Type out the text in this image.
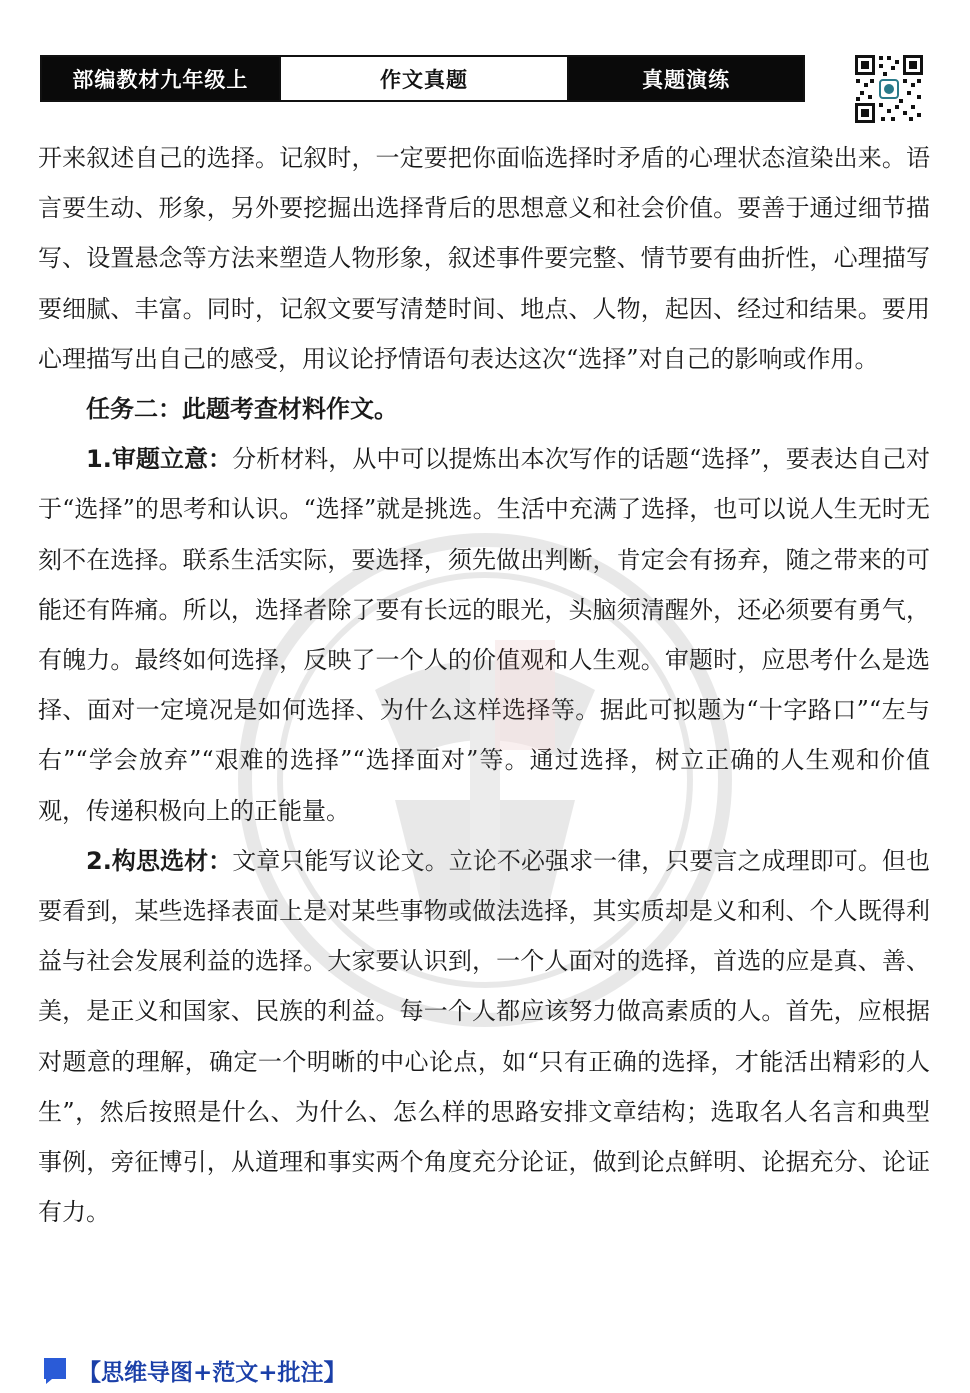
部编教材九年级上	作文真题	真题演练

开来叙述自己的选择。记叙时，一定要把你面临选择时矛盾的心理状态渲染出来。语言要生动、形象，另外要挖掘出选择背后的思想意义和社会价值。要善于通过细节描写、设置悬念等方法来塑造人物形象，叙述事件要完整、情节要有曲折性，心理描写要细腻、丰富。同时，记叙文要写清楚时间、地点、人物，起因、经过和结果。要用心理描写出自己的感受，用议论抒情语句表达这次“选择”对自己的影响或作用。

任务二：此题考查材料作文。

1.审题立意：分析材料，从中可以提炼出本次写作的话题“选择”，要表达自己对于“选择”的思考和认识。“选择”就是挑选。生活中充满了选择，也可以说人生无时无刻不在选择。联系生活实际，要选择，须先做出判断，肯定会有扬弃，随之带来的可能还有阵痛。所以，选择者除了要有长远的眼光，头脑须清醒外，还必须要有勇气，有魄力。最终如何选择，反映了一个人的价值观和人生观。审题时，应思考什么是选择、面对一定境况是如何选择、为什么这样选择等。据此可拟题为“十字路口”“左与右”“学会放弃”“艰难的选择”“选择面对”等。通过选择，树立正确的人生观和价值观，传递积极向上的正能量。

2.构思选材：文章只能写议论文。立论不必强求一律，只要言之成理即可。但也要看到，某些选择表面上是对某些事物或做法选择，其实质却是义和利、个人既得利益与社会发展利益的选择。大家要认识到，一个人面对的选择，首选的应是真、善、美，是正义和国家、民族的利益。每一个人都应该努力做高素质的人。首先，应根据对题意的理解，确定一个明晰的中心论点，如“只有正确的选择，才能活出精彩的人生”，然后按照是什么、为什么、怎么样的思路安排文章结构；选取名人名言和典型事例，旁征博引，从道理和事实两个角度充分论证，做到论点鲜明、论据充分、论证有力。

【思维导图+范文+批注】
